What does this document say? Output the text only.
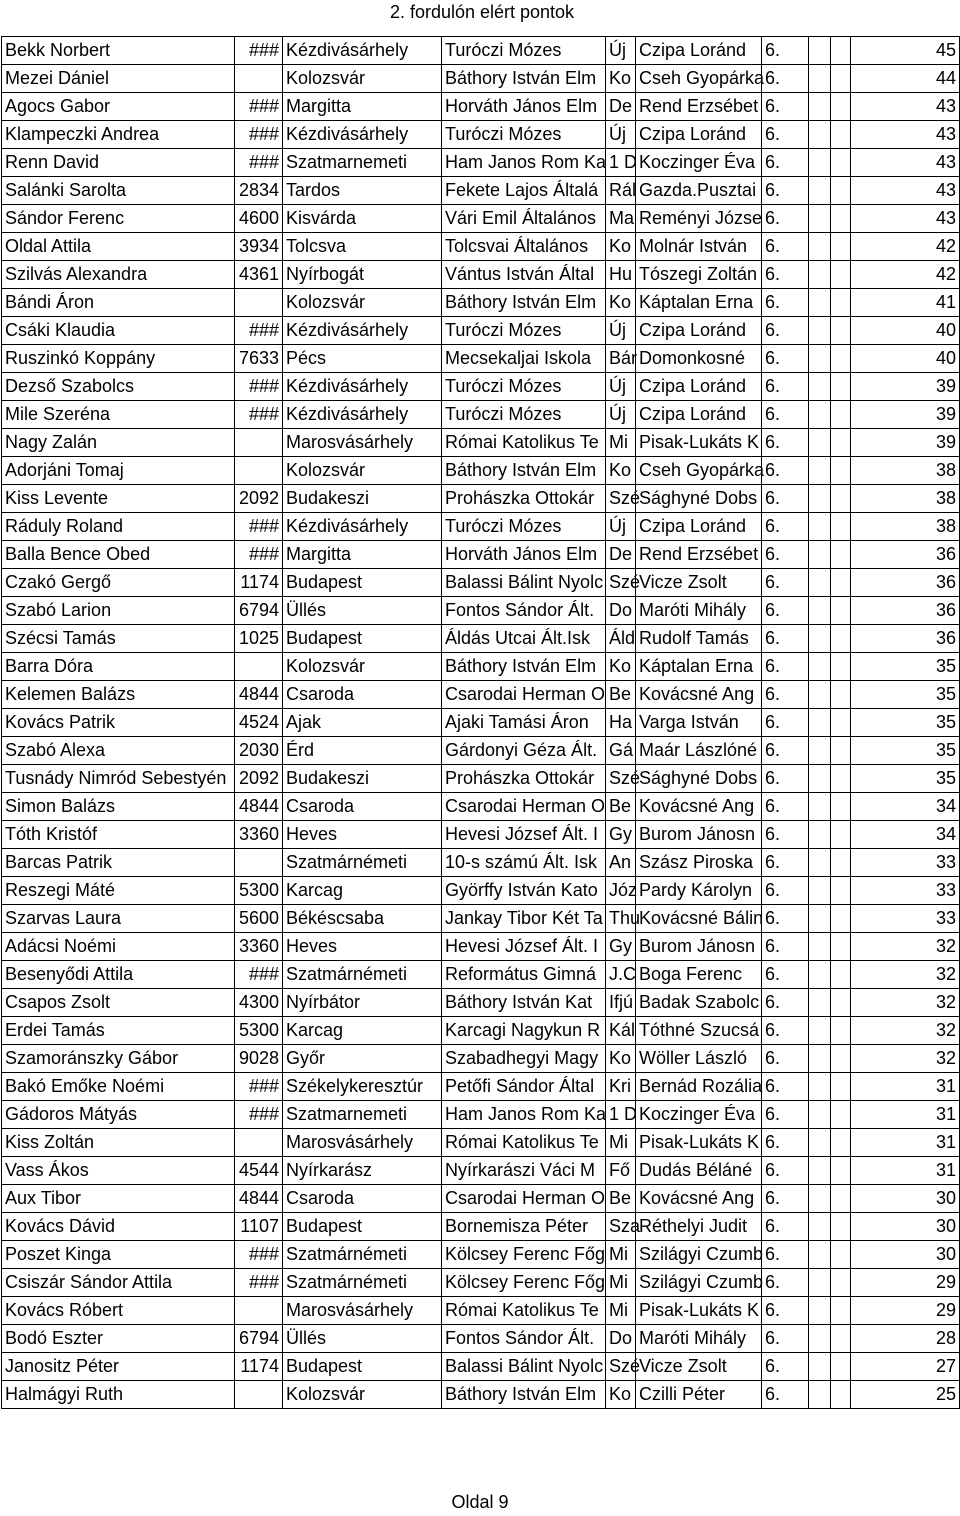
2. fordulón elért pontok
Bekk Norbert	###	Kézdivásárhely	Turóczi Mózes	Új	Czipa Loránd	6.			45
Mezei Dániel		Kolozsvár	Báthory István Elm	Ko	Cseh Gyopárka	6.			44
Agocs Gabor	###	Margitta	Horváth János Elm	De	Rend Erzsébet	6.			43
Klampeczki Andrea	###	Kézdivásárhely	Turóczi Mózes	Új	Czipa Loránd	6.			43
Renn David	###	Szatmarnemeti	Ham Janos Rom Ka	1 D	Koczinger Éva	6.			43
Salánki Sarolta	2834	Tardos	Fekete Lajos Általá	Rál	Gazda.Pusztai	6.			43
Sándor Ferenc	4600	Kisvárda	Vári Emil Általános	Ma	Reményi Józse	6.			43
Oldal Attila	3934	Tolcsva	Tolcsvai Általános	Ko	Molnár István	6.			42
Szilvás Alexandra	4361	Nyírbogát	Vántus István Által	Hu	Tószegi Zoltán	6.			42
Bándi Áron		Kolozsvár	Báthory István Elm	Ko	Káptalan Erna	6.			41
Csáki Klaudia	###	Kézdivásárhely	Turóczi Mózes	Új	Czipa Loránd	6.			40
Ruszinkó Koppány	7633	Pécs	Mecsekaljai Iskola	Bár	Domonkosné	6.			40
Dezső Szabolcs	###	Kézdivásárhely	Turóczi Mózes	Új	Czipa Loránd	6.			39
Mile Szeréna	###	Kézdivásárhely	Turóczi Mózes	Új	Czipa Loránd	6.			39
Nagy Zalán		Marosvásárhely	Római Katolikus Te	Mi	Pisak-Lukáts K	6.			39
Adorjáni Tomaj		Kolozsvár	Báthory István Elm	Ko	Cseh Gyopárka	6.			38
Kiss Levente	2092	Budakeszi	Prohászka Ottokár	Szé	Sághyné Dobs	6.			38
Ráduly Roland	###	Kézdivásárhely	Turóczi Mózes	Új	Czipa Loránd	6.			38
Balla Bence Obed	###	Margitta	Horváth János Elm	De	Rend Erzsébet	6.			36
Czakó Gergő	1174	Budapest	Balassi Bálint Nyolc	Szé	Vicze Zsolt	6.			36
Szabó Larion	6794	Üllés	Fontos Sándor Ált.	Do	Maróti Mihály	6.			36
Szécsi Tamás	1025	Budapest	Áldás Utcai Ált.Isk	Áld	Rudolf Tamás	6.			36
Barra Dóra		Kolozsvár	Báthory István Elm	Ko	Káptalan Erna	6.			35
Kelemen Balázs	4844	Csaroda	Csarodai Herman O	Be	Kovácsné Ang	6.			35
Kovács Patrik	4524	Ajak	Ajaki Tamási Áron	Ha	Varga István	6.			35
Szabó Alexa	2030	Érd	Gárdonyi Géza Ált.	Gá	Maár Lászlóné	6.			35
Tusnády Nimród Sebestyén	2092	Budakeszi	Prohászka Ottokár	Szé	Sághyné Dobs	6.			35
Simon Balázs	4844	Csaroda	Csarodai Herman O	Be	Kovácsné Ang	6.			34
Tóth Kristóf	3360	Heves	Hevesi József Ált. I	Gy	Burom Jánosn	6.			34
Barcas Patrik		Szatmárnémeti	10-s számú Ált. Isk	An	Szász Piroska	6.			33
Reszegi Máté	5300	Karcag	Györffy István Kato	Józ	Pardy Károlyn	6.			33
Szarvas Laura	5600	Békéscsaba	Jankay Tibor Két Ta	Thu	Kovácsné Bálin	6.			33
Adácsi Noémi	3360	Heves	Hevesi József Ált. I	Gy	Burom Jánosn	6.			32
Besenyődi Attila	###	Szatmárnémeti	Református Gimná	J.C	Boga Ferenc	6.			32
Csapos Zsolt	4300	Nyírbátor	Báthory István Kat	Ifjú	Badak Szabolc	6.			32
Erdei Tamás	5300	Karcag	Karcagi Nagykun R	Kál	Tóthné Szucsá	6.			32
Szamoránszky Gábor	9028	Győr	Szabadhegyi Magy	Ko	Wöller László	6.			32
Bakó Emőke Noémi	###	Székelykeresztúr	Petőfi Sándor Által	Kri	Bernád Rozália	6.			31
Gádoros Mátyás	###	Szatmarnemeti	Ham Janos Rom Ka	1 D	Koczinger Éva	6.			31
Kiss Zoltán		Marosvásárhely	Római Katolikus Te	Mi	Pisak-Lukáts K	6.			31
Vass Ákos	4544	Nyírkarász	Nyírkarászi Váci M	Fő	Dudás Béláné	6.			31
Aux Tibor	4844	Csaroda	Csarodai Herman O	Be	Kovácsné Ang	6.			30
Kovács Dávid	1107	Budapest	Bornemisza Péter	Sza	Réthelyi Judit	6.			30
Poszet Kinga	###	Szatmárnémeti	Kölcsey Ferenc Főg	Mi	Szilágyi Czumb	6.			30
Csiszár Sándor Attila	###	Szatmárnémeti	Kölcsey Ferenc Főg	Mi	Szilágyi Czumb	6.			29
Kovács Róbert		Marosvásárhely	Római Katolikus Te	Mi	Pisak-Lukáts K	6.			29
Bodó Eszter	6794	Üllés	Fontos Sándor Ált.	Do	Maróti Mihály	6.			28
Janositz Péter	1174	Budapest	Balassi Bálint Nyolc	Szé	Vicze Zsolt	6.			27
Halmágyi Ruth		Kolozsvár	Báthory István Elm	Ko	Czilli Péter	6.			25
Oldal 9
